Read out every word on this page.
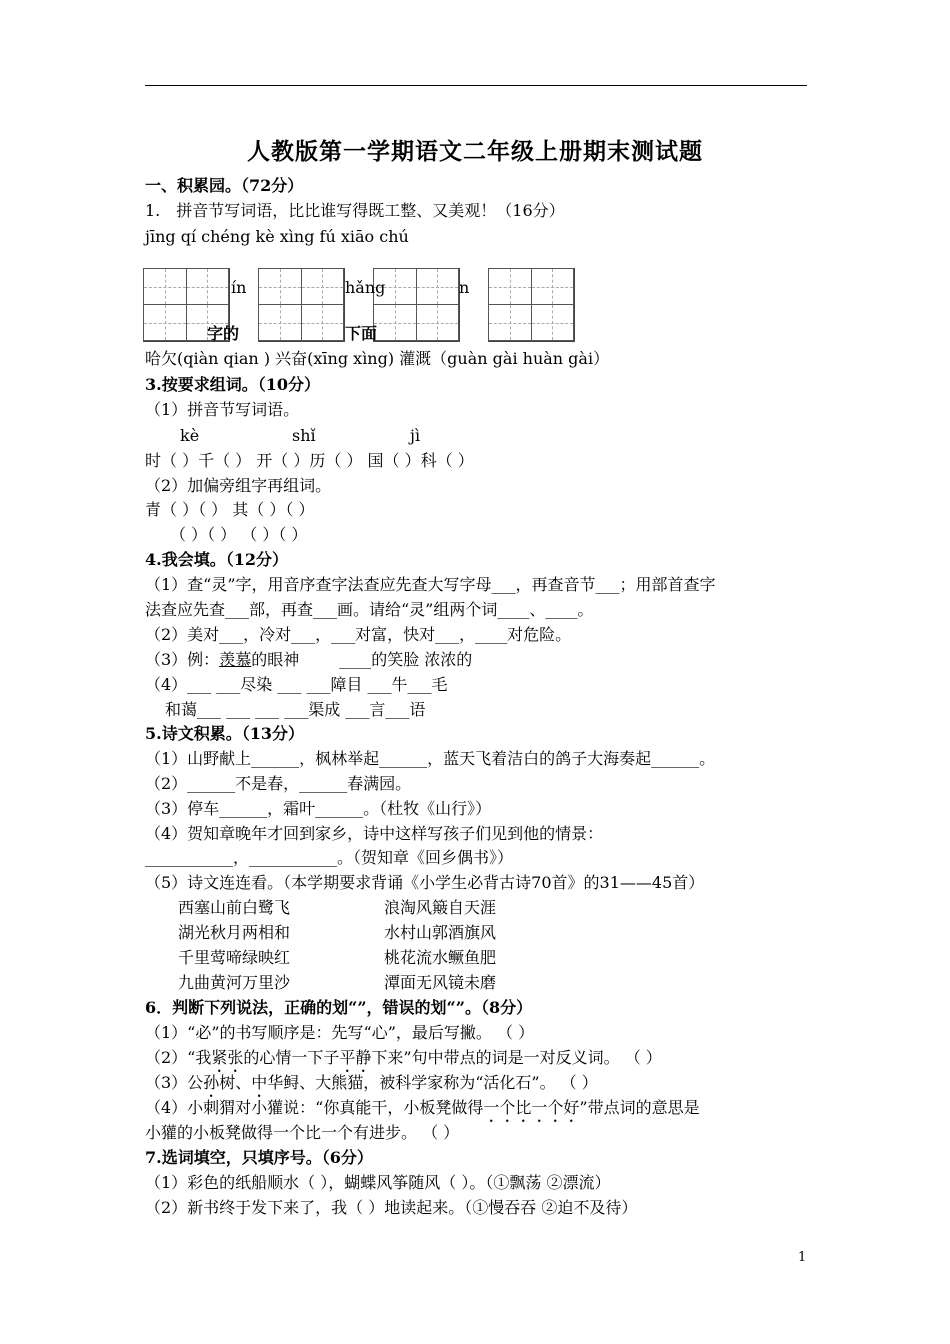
人教版第一学期语文二年级上册期末测试题
一、积累园。（72分）
1.　拼音节写词语，比比谁写得既工整、又美观！（16分）
jīng qí chéng kè xìng fú xiāo chú
ín	hǎng	n
字的	下面
哈欠(qiàn qian ) 兴奋(xīng xìng) 灌溉（guàn gài huàn gài）
3.按要求组词。（10分）
（1）拼音节写词语。
kè	shǐ	jì
时（ ）千（ ） 开（ ）历（ ） 国（ ）科（ ）
（2）加偏旁组字再组词。
青（ ）（ ） 其（ ）（ ）
（ ）（ ） （ ）（ ）
4.我会填。（12分）
（1）查“灵”字，用音序查字法查应先查大写字母___，再查音节___；用部首查字
法查应先查___部，再查___画。请给“灵”组两个词____、____。
（2）美对___，冷对___，___对富，快对___，____对危险。
（3）例：羡慕的眼神	____的笑脸 浓浓的
（4）___ ___尽染 ___ ___障目 ___牛___毛
和蔼___ ___ ___ ___渠成 ___言___语
5.诗文积累。（13分）
（1）山野献上______，枫林举起______，蓝天飞着洁白的鸽子大海奏起______。
（2）______不是春，______春满园。
（3）停车______，霜叶______。（杜牧《山行》）
（4）贺知章晚年才回到家乡，诗中这样写孩子们见到他的情景：
___________，___________。（贺知章《回乡偶书》）
（5）诗文连连看。（本学期要求背诵《小学生必背古诗70首》的31——45首）
西塞山前白鹭飞	浪淘风簸自天涯
湖光秋月两相和	水村山郭酒旗风
千里莺啼绿映红	桃花流水鳜鱼肥
九曲黄河万里沙	潭面无风镜未磨
6．判断下列说法，正确的划“”，错误的划“”。（8分）
（1）“必”的书写顺序是：先写“心”，最后写撇。 （ ）
（2）“我紧张的心情一下子平静下来”句中带点的词是一对反义词。 （ ）
（3）公孙树、中华鲟、大熊猫，被科学家称为“活化石”。 （ ）
（4）小刺猬对小獾说：“你真能干，小板凳做得一个比一个好”带点词的意思是
小獾的小板凳做得一个比一个有进步。 （ ）
7.选词填空，只填序号。（6分）
（1）彩色的纸船顺水（ ），蝴蝶风筝随风（ ）。（①飘荡 ②漂流）
（2）新书终于发下来了，我（ ）地读起来。（①慢吞吞 ②迫不及待）
1
